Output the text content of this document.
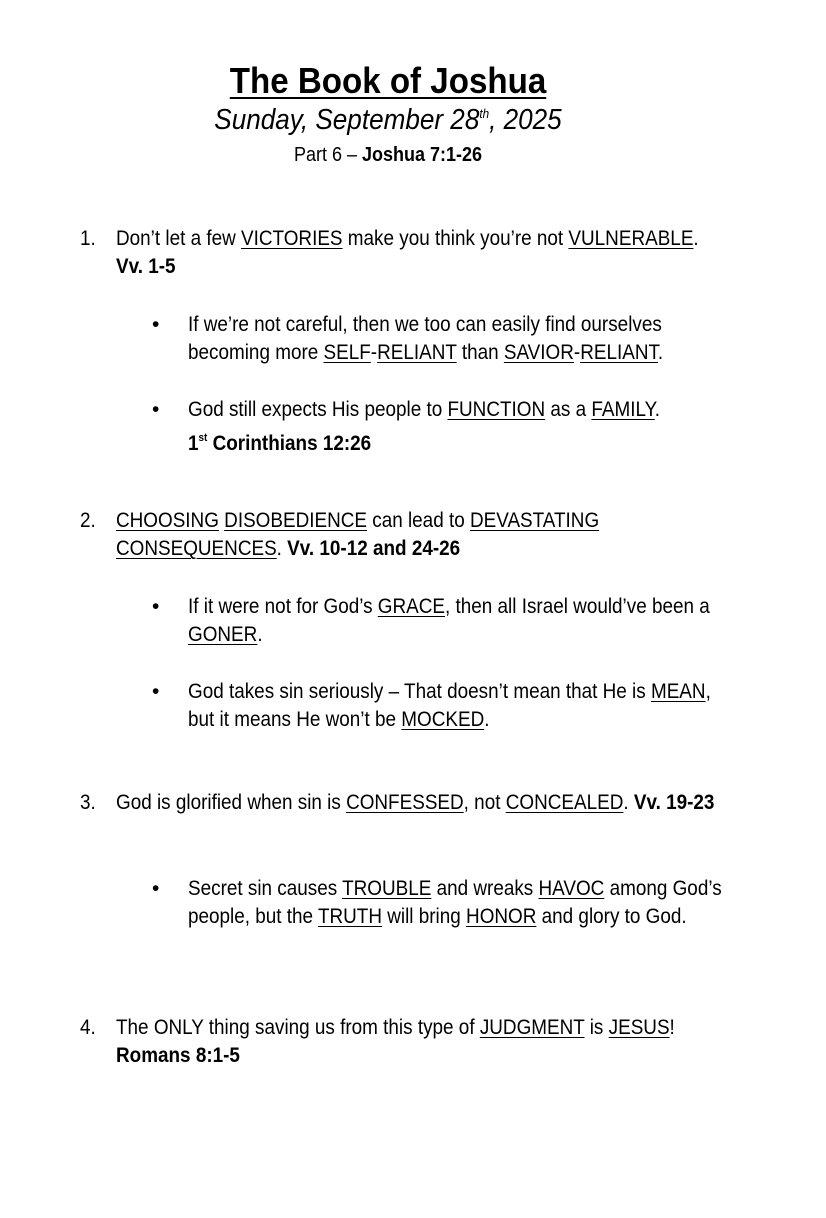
The Book of Joshua
Sunday, September 28th, 2025
Part 6 – Joshua 7:1-26
1. Don’t let a few VICTORIES make you think you’re not VULNERABLE.
Vv. 1-5
• If we’re not careful, then we too can easily find ourselves becoming more SELF-RELIANT than SAVIOR-RELIANT.
• God still expects His people to FUNCTION as a FAMILY.
1st Corinthians 12:26
2. CHOOSING DISOBEDIENCE can lead to DEVASTATING CONSEQUENCES. Vv. 10-12 and 24-26
• If it were not for God’s GRACE, then all Israel would’ve been a GONER.
• God takes sin seriously – That doesn’t mean that He is MEAN, but it means He won’t be MOCKED.
3. God is glorified when sin is CONFESSED, not CONCEALED. Vv. 19-23
• Secret sin causes TROUBLE and wreaks HAVOC among God’s people, but the TRUTH will bring HONOR and glory to God.
4. The ONLY thing saving us from this type of JUDGMENT is JESUS!
Romans 8:1-5
